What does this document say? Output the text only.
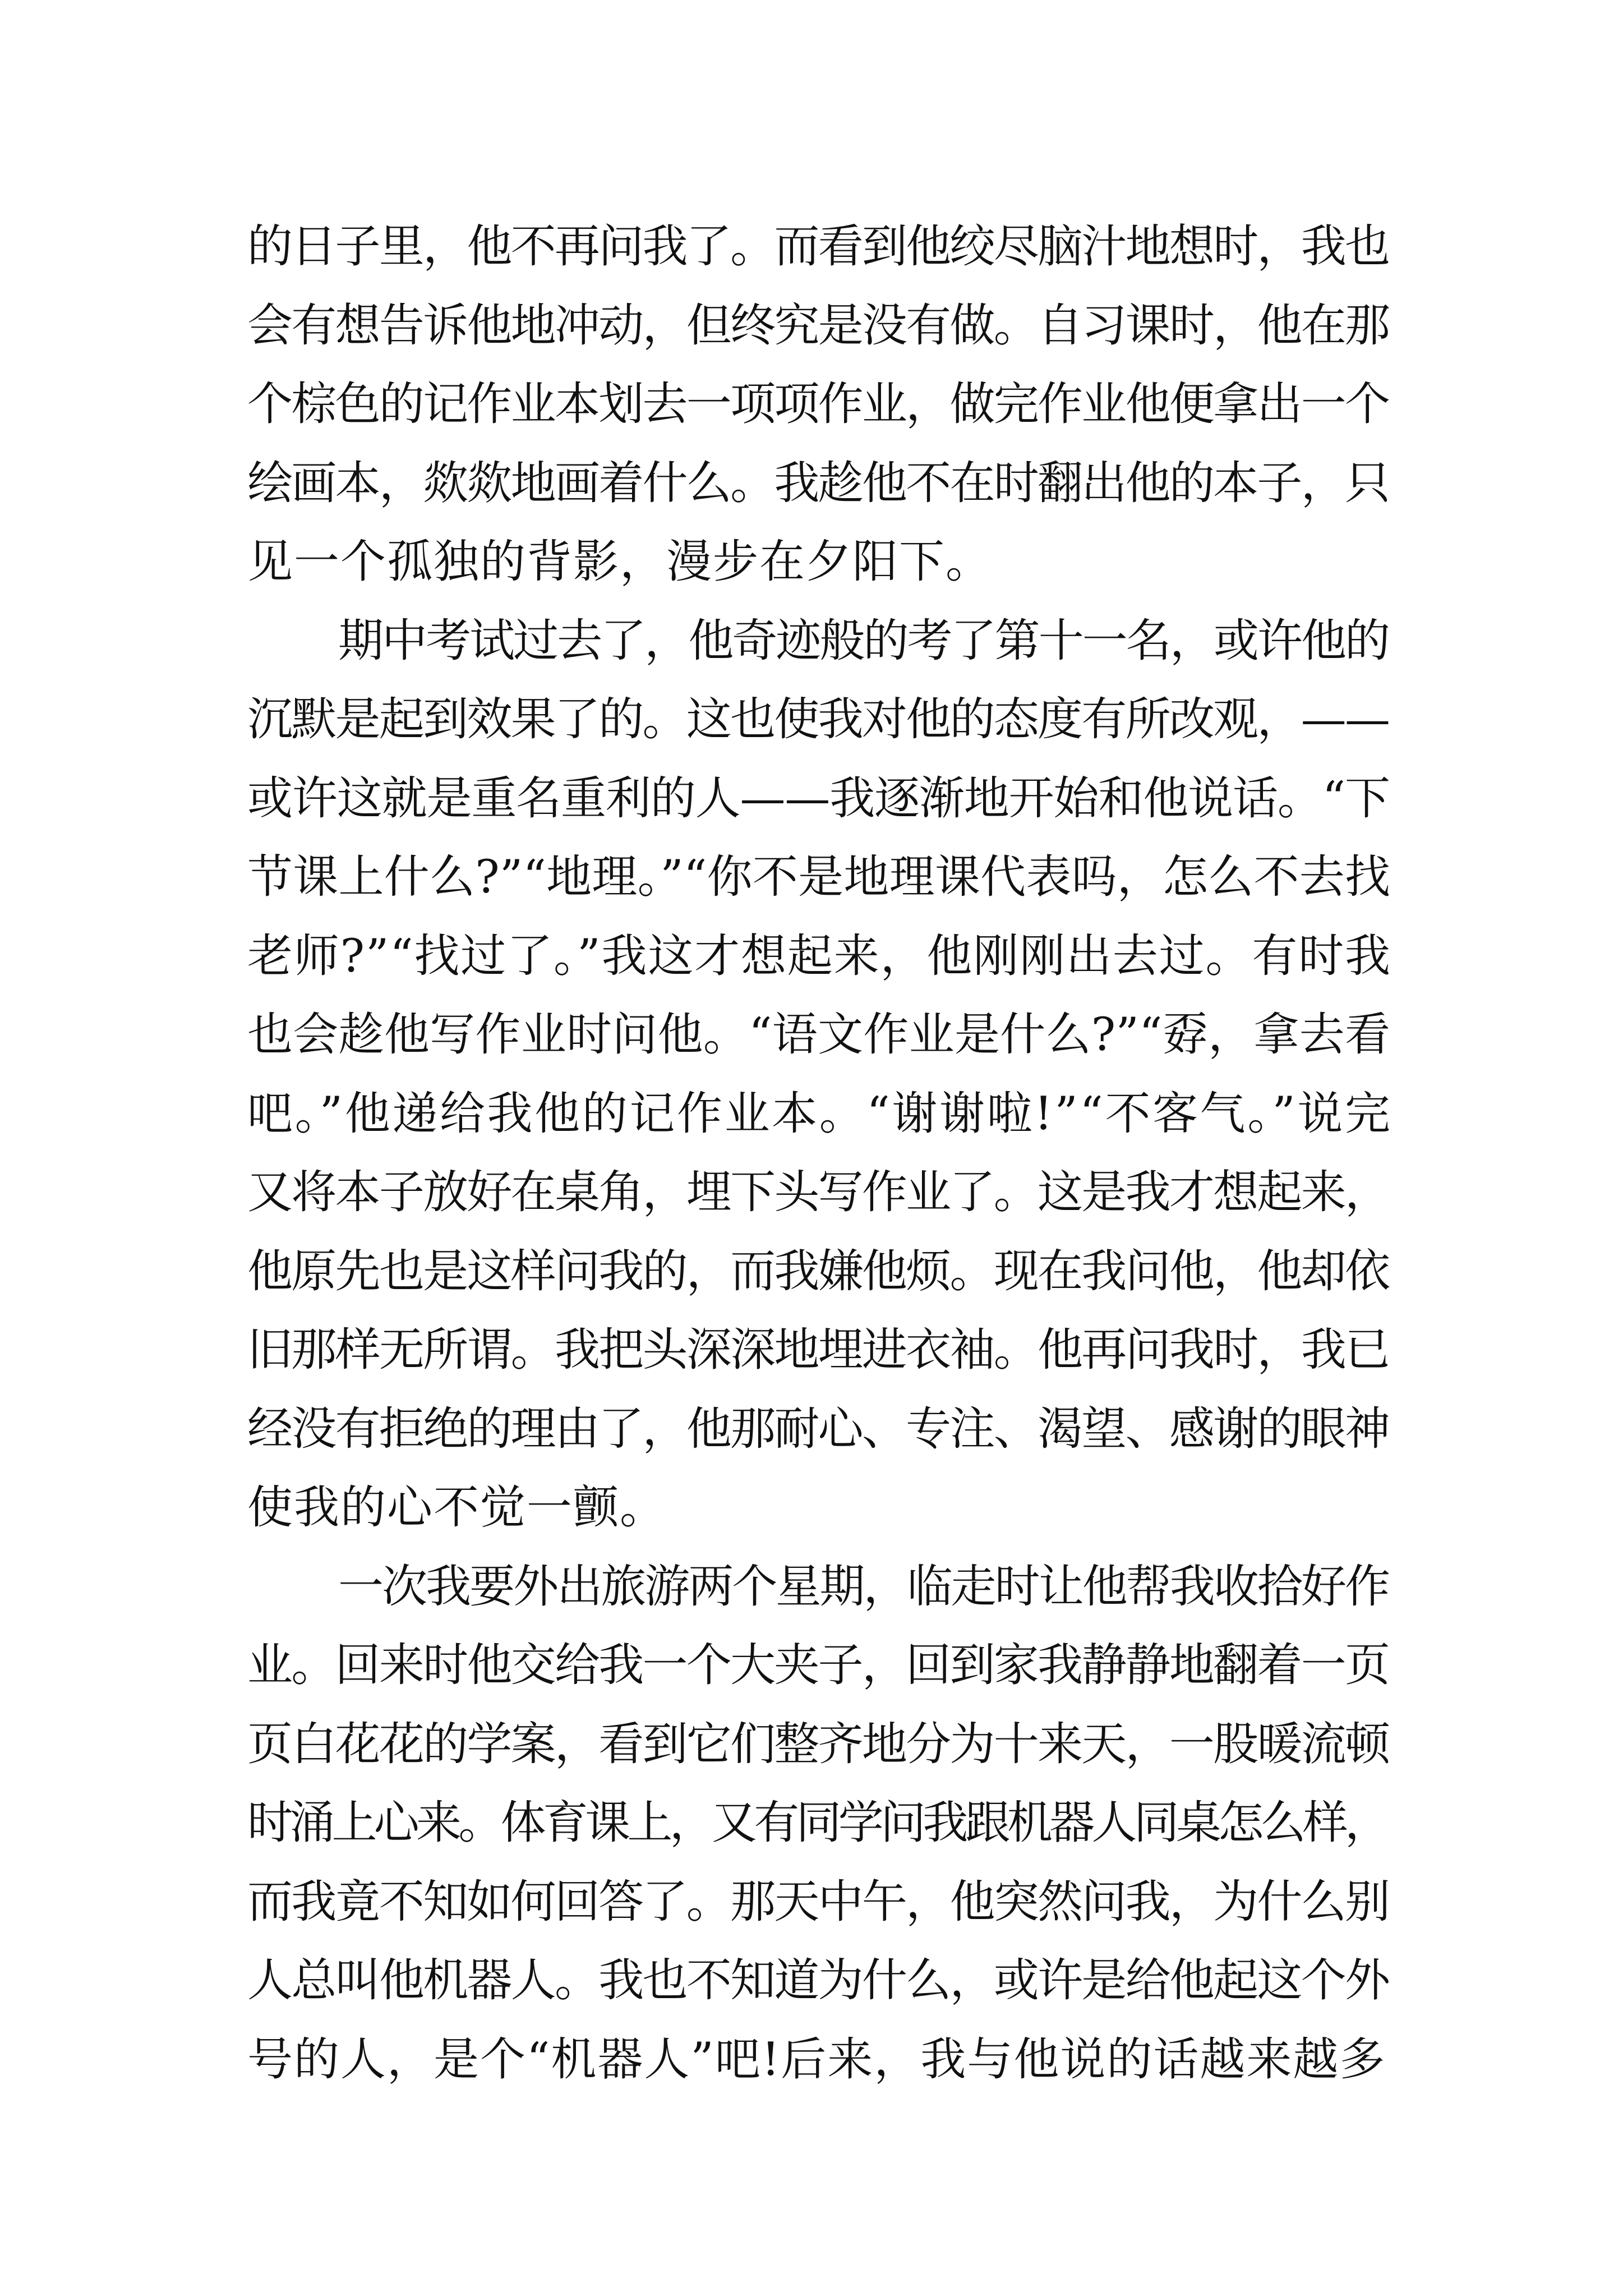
的日子里，他不再问我了。而看到他绞尽脑汁地想时，我也
会有想告诉他地冲动，但终究是没有做。自习课时，他在那
个棕色的记作业本划去一项项作业，做完作业他便拿出一个
绘画本，欻欻地画着什么。我趁他不在时翻出他的本子，只
见一个孤独的背影，漫步在夕阳下。
期中考试过去了，他奇迹般的考了第十一名，或许他的
沉默是起到效果了的。这也使我对他的态度有所改观，——
或许这就是重名重利的人——我逐渐地开始和他说话。“下
节课上什么?”“地理。”“你不是地理课代表吗，怎么不去找
老师?”“找过了。”我这才想起来，他刚刚出去过。有时我
也会趁他写作业时问他。“语文作业是什么?”“孬，拿去看
吧。”他递给我他的记作业本。“谢谢啦!”“不客气。”说完
又将本子放好在桌角，埋下头写作业了。这是我才想起来，
他原先也是这样问我的，而我嫌他烦。现在我问他，他却依
旧那样无所谓。我把头深深地埋进衣袖。他再问我时，我已
经没有拒绝的理由了，他那耐心、专注、渴望、感谢的眼神
使我的心不觉一颤。
一次我要外出旅游两个星期，临走时让他帮我收拾好作
业。回来时他交给我一个大夹子，回到家我静静地翻着一页
页白花花的学案，看到它们整齐地分为十来天，一股暖流顿
时涌上心来。体育课上，又有同学问我跟机器人同桌怎么样，
而我竟不知如何回答了。那天中午，他突然问我，为什么别
人总叫他机器人。我也不知道为什么，或许是给他起这个外
号的人，是个“机器人”吧!后来，我与他说的话越来越多
